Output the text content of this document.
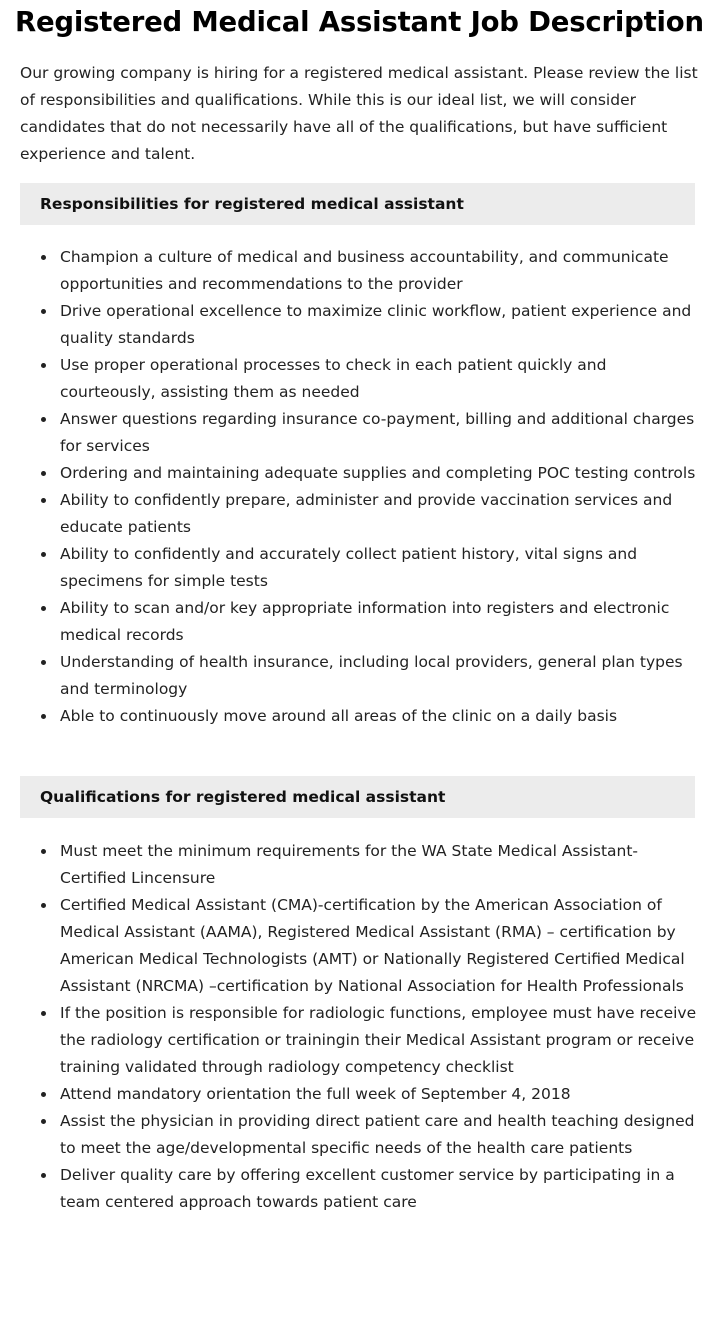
Registered Medical Assistant Job Description

Our growing company is hiring for a registered medical assistant. Please review the list of responsibilities and qualifications. While this is our ideal list, we will consider candidates that do not necessarily have all of the qualifications, but have sufficient experience and talent.

Responsibilities for registered medical assistant
Champion a culture of medical and business accountability, and communicate opportunities and recommendations to the provider
Drive operational excellence to maximize clinic workflow, patient experience and quality standards
Use proper operational processes to check in each patient quickly and courteously, assisting them as needed
Answer questions regarding insurance co-payment, billing and additional charges for services
Ordering and maintaining adequate supplies and completing POC testing controls
Ability to confidently prepare, administer and provide vaccination services and educate patients
Ability to confidently and accurately collect patient history, vital signs and specimens for simple tests
Ability to scan and/or key appropriate information into registers and electronic medical records
Understanding of health insurance, including local providers, general plan types and terminology
Able to continuously move around all areas of the clinic on a daily basis
Qualifications for registered medical assistant
Must meet the minimum requirements for the WA State Medical Assistant-Certified Lincensure
Certified Medical Assistant (CMA)-certification by the American Association of Medical Assistant (AAMA), Registered Medical Assistant (RMA) – certification by American Medical Technologists (AMT) or Nationally Registered Certified Medical Assistant (NRCMA) –certification by National Association for Health Professionals
If the position is responsible for radiologic functions, employee must have receive the radiology certification or trainingin their Medical Assistant program or receive training validated through radiology competency checklist
Attend mandatory orientation the full week of September 4, 2018
Assist the physician in providing direct patient care and health teaching designed to meet the age/developmental specific needs of the health care patients
Deliver quality care by offering excellent customer service by participating in a team centered approach towards patient care
